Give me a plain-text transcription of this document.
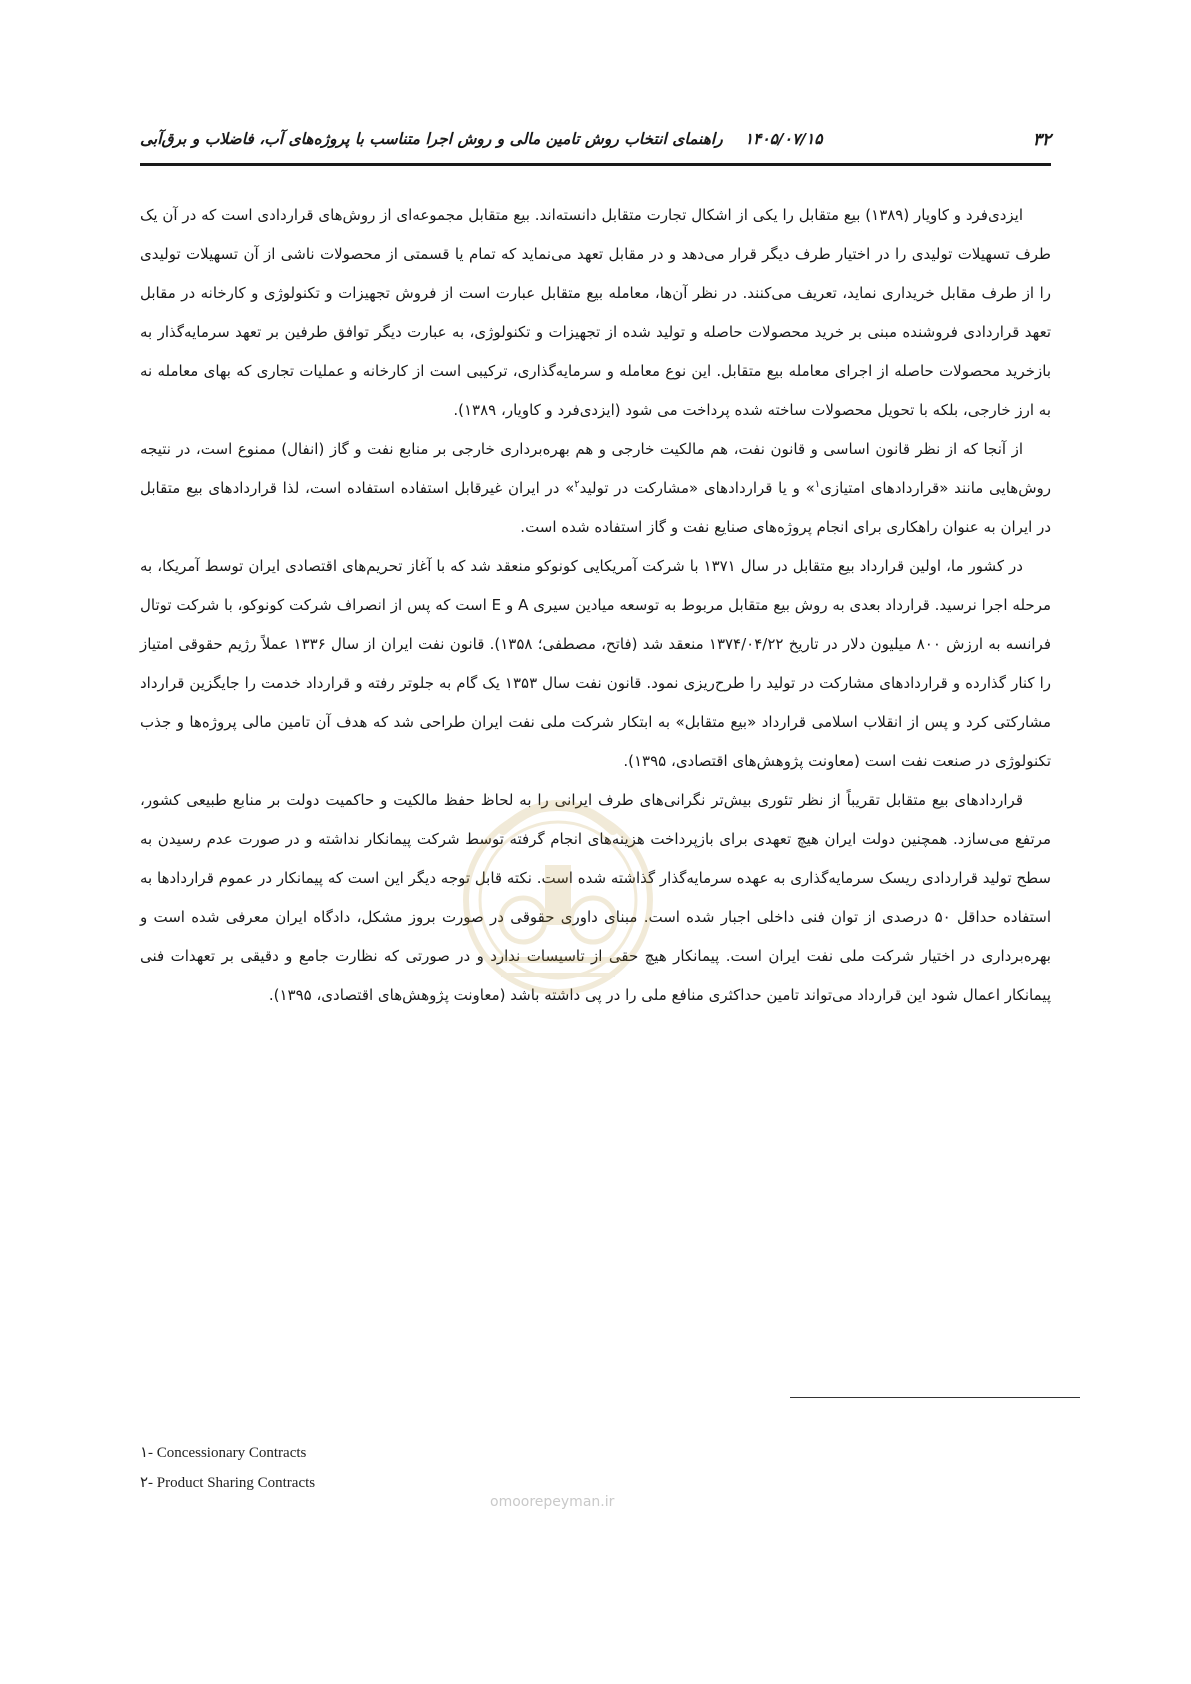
۳۲
۱۴۰۵/۰۷/۱۵راهنمای انتخاب روش تامین مالی و روش اجرا متناسب با پروژه‌های آب، فاضلاب و برق‌آبی

ایزدی‌فرد و کاویار (۱۳۸۹) بیع متقابل را یکی از اشکال تجارت متقابل دانسته‌اند. بیع متقابل مجموعه‌ای از روش‌های قراردادی است که در آن یک طرف تسهیلات تولیدی را در اختیار طرف دیگر قرار می‌دهد و در مقابل تعهد می‌نماید که تمام یا قسمتی از محصولات ناشی از آن تسهیلات تولیدی را از طرف مقابل خریداری نماید، تعریف می‌کنند. در نظر آن‌ها، معامله بیع متقابل عبارت است از فروش تجهیزات و تکنولوژی و کارخانه در مقابل تعهد قراردادی فروشنده مبنی بر خرید محصولات حاصله و تولید شده از تجهیزات و تکنولوژی، به عبارت دیگر توافق طرفین بر تعهد سرمایه‌گذار به بازخرید محصولات حاصله از اجرای معامله بیع متقابل. این نوع معامله و سرمایه‌گذاری، ترکیبی است از کارخانه و عملیات تجاری که بهای معامله نه به ارز خارجی، بلکه با تحویل محصولات ساخته شده پرداخت می شود (ایزدی‌فرد و کاویار، ۱۳۸۹).

از آنجا که از نظر قانون اساسی و قانون نفت، هم مالکیت خارجی و هم بهره‌برداری خارجی بر منابع نفت و گاز (انفال) ممنوع است، در نتیجه روش‌هایی مانند «قراردادهای امتیازی$^۱$» و یا قراردادهای «مشارکت در تولید$^۲$» در ایران غیرقابل استفاده استفاده است، لذا قراردادهای بیع متقابل در ایران به عنوان راهکاری برای انجام پروژه‌های صنایع نفت و گاز استفاده شده است.

در کشور ما، اولین قرارداد بیع متقابل در سال ۱۳۷۱ با شرکت آمریکایی کونوکو منعقد شد که با آغاز تحریم‌های اقتصادی ایران توسط آمریکا، به مرحله اجرا نرسید. قرارداد بعدی به روش بیع متقابل مربوط به توسعه میادین سیری A و E است که پس از انصراف شرکت کونوکو، با شرکت توتال فرانسه به ارزش ۸۰۰ میلیون دلار در تاریخ ۱۳۷۴/۰۴/۲۲ منعقد شد (فاتح، مصطفی؛ ۱۳۵۸). قانون نفت ایران از سال ۱۳۳۶ عملاً رژیم حقوقی امتیاز را کنار گذارده و قراردادهای مشارکت در تولید را طرح‌ریزی نمود. قانون نفت سال ۱۳۵۳ یک گام به جلوتر رفته و قرارداد خدمت را جایگزین قرارداد مشارکتی کرد و پس از انقلاب اسلامی قرارداد «بیع متقابل» به ابتکار شرکت ملی نفت ایران طراحی شد که هدف آن تامین مالی پروژه‌ها و جذب تکنولوژی در صنعت نفت است (معاونت پژوهش‌های اقتصادی، ۱۳۹۵).

قراردادهای بیع متقابل تقریباً از نظر تئوری بیش‌تر نگرانی‌های طرف ایرانی را به لحاظ حفظ مالکیت و حاکمیت دولت بر منابع طبیعی کشور، مرتفع می‌سازد. همچنین دولت ایران هیچ تعهدی برای بازپرداخت هزینه‌های انجام گرفته توسط شرکت پیمانکار نداشته و در صورت عدم رسیدن به سطح تولید قراردادی ریسک سرمایه‌گذاری به عهده سرمایه‌گذار گذاشته شده است. نکته قابل توجه دیگر این است که پیمانکار در عموم قراردادها به استفاده حداقل ۵۰ درصدی از توان فنی داخلی اجبار شده است. مبنای داوری حقوقی در صورت بروز مشکل، دادگاه ایران معرفی شده است و بهره‌برداری در اختیار شرکت ملی نفت ایران است. پیمانکار هیچ حقی از تاسیسات ندارد و در صورتی که نظارت جامع و دقیقی بر تعهدات فنی پیمانکار اعمال شود این قرارداد می‌تواند تامین حداکثری منافع ملی را در پی داشته باشد (معاونت پژوهش‌های اقتصادی، ۱۳۹۵).

۱- Concessionary Contracts
۲- Product Sharing Contracts
omoorepeyman.ir
